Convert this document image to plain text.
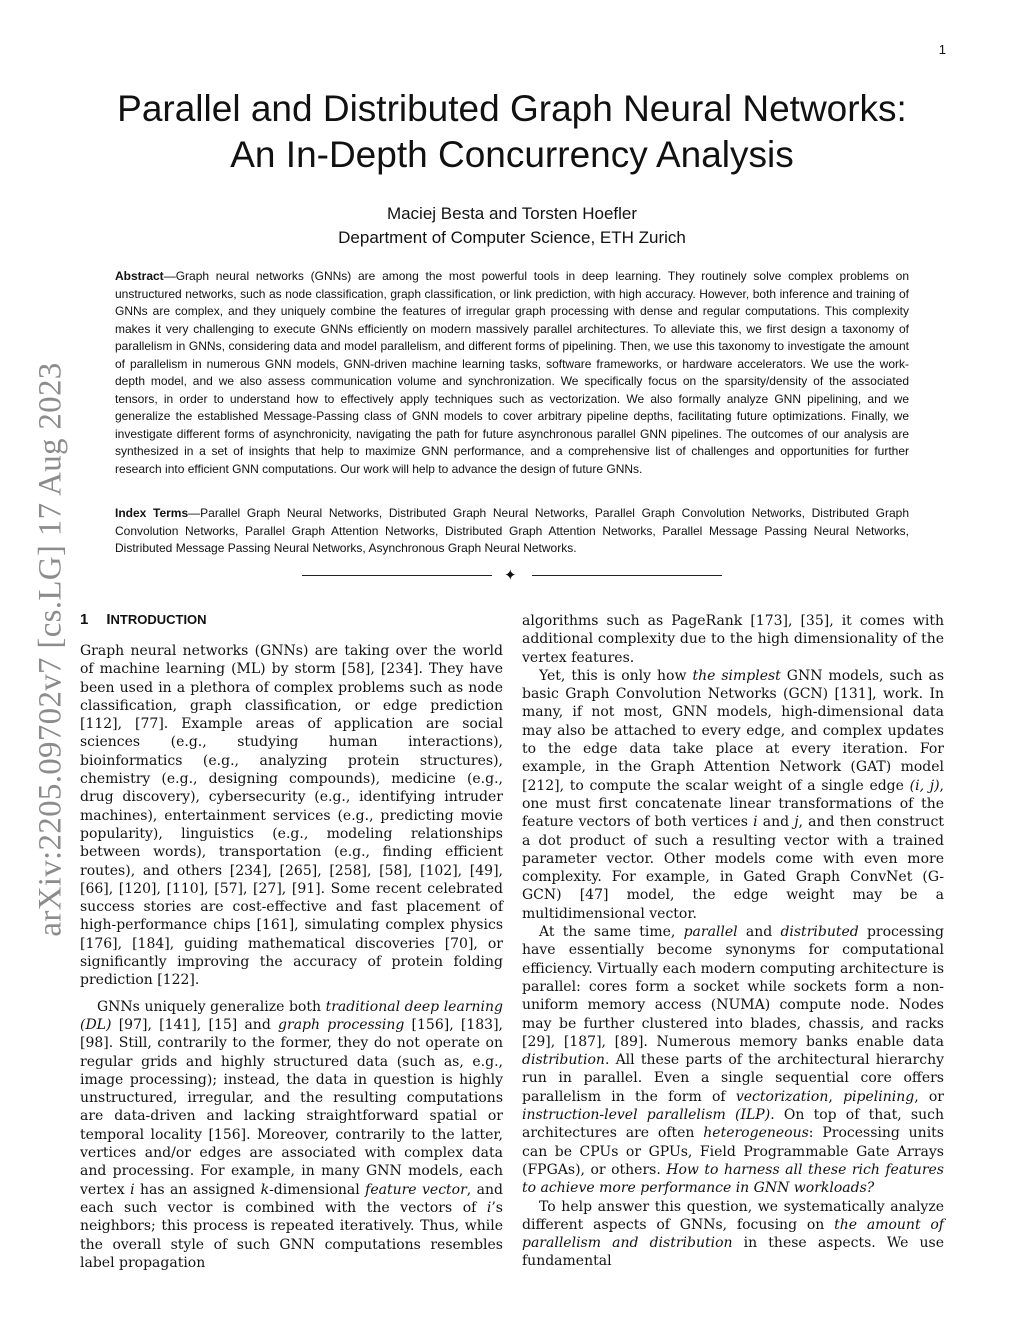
1
arXiv:2205.09702v7 [cs.LG] 17 Aug 2023
Parallel and Distributed Graph Neural Networks:
An In-Depth Concurrency Analysis
Maciej Besta and Torsten Hoefler
Department of Computer Science, ETH Zurich
Abstract—Graph neural networks (GNNs) are among the most powerful tools in deep learning. They routinely solve complex problems on unstructured networks, such as node classification, graph classification, or link prediction, with high accuracy. However, both inference and training of GNNs are complex, and they uniquely combine the features of irregular graph processing with dense and regular computations. This complexity makes it very challenging to execute GNNs efficiently on modern massively parallel architectures. To alleviate this, we first design a taxonomy of parallelism in GNNs, considering data and model parallelism, and different forms of pipelining. Then, we use this taxonomy to investigate the amount of parallelism in numerous GNN models, GNN-driven machine learning tasks, software frameworks, or hardware accelerators. We use the work-depth model, and we also assess communication volume and synchronization. We specifically focus on the sparsity/density of the associated tensors, in order to understand how to effectively apply techniques such as vectorization. We also formally analyze GNN pipelining, and we generalize the established Message-Passing class of GNN models to cover arbitrary pipeline depths, facilitating future optimizations. Finally, we investigate different forms of asynchronicity, navigating the path for future asynchronous parallel GNN pipelines. The outcomes of our analysis are synthesized in a set of insights that help to maximize GNN performance, and a comprehensive list of challenges and opportunities for further research into efficient GNN computations. Our work will help to advance the design of future GNNs.
Index Terms—Parallel Graph Neural Networks, Distributed Graph Neural Networks, Parallel Graph Convolution Networks, Distributed Graph Convolution Networks, Parallel Graph Attention Networks, Distributed Graph Attention Networks, Parallel Message Passing Neural Networks, Distributed Message Passing Neural Networks, Asynchronous Graph Neural Networks.
✦
1 INTRODUCTION

Graph neural networks (GNNs) are taking over the world of machine learning (ML) by storm [58], [234]. They have been used in a plethora of complex problems such as node classification, graph classification, or edge prediction [112], [77]. Example areas of application are social sciences (e.g., studying human interactions), bioinformatics (e.g., analyzing protein structures), chemistry (e.g., designing compounds), medicine (e.g., drug discovery), cybersecurity (e.g., identifying intruder machines), entertainment services (e.g., predicting movie popularity), linguistics (e.g., modeling relationships between words), transportation (e.g., finding efficient routes), and others [234], [265], [258], [58], [102], [49], [66], [120], [110], [57], [27], [91]. Some recent celebrated success stories are cost-effective and fast placement of high-performance chips [161], simulating complex physics [176], [184], guiding mathematical discoveries [70], or significantly improving the accuracy of protein folding prediction [122].

GNNs uniquely generalize both traditional deep learning (DL) [97], [141], [15] and graph processing [156], [183], [98]. Still, contrarily to the former, they do not operate on regular grids and highly structured data (such as, e.g., image processing); instead, the data in question is highly unstructured, irregular, and the resulting computations are data-driven and lacking straightforward spatial or temporal locality [156]. Moreover, contrarily to the latter, vertices and/or edges are associated with complex data and processing. For example, in many GNN models, each vertex i has an assigned k-dimensional feature vector, and each such vector is combined with the vectors of i’s neighbors; this process is repeated iteratively. Thus, while the overall style of such GNN computations resembles label propagation

algorithms such as PageRank [173], [35], it comes with additional complexity due to the high dimensionality of the vertex features.

Yet, this is only how the simplest GNN models, such as basic Graph Convolution Networks (GCN) [131], work. In many, if not most, GNN models, high-dimensional data may also be attached to every edge, and complex updates to the edge data take place at every iteration. For example, in the Graph Attention Network (GAT) model [212], to compute the scalar weight of a single edge (i, j), one must first concatenate linear transformations of the feature vectors of both vertices i and j, and then construct a dot product of such a resulting vector with a trained parameter vector. Other models come with even more complexity. For example, in Gated Graph ConvNet (G-GCN) [47] model, the edge weight may be a multidimensional vector.

At the same time, parallel and distributed processing have essentially become synonyms for computational efficiency. Virtually each modern computing architecture is parallel: cores form a socket while sockets form a non-uniform memory access (NUMA) compute node. Nodes may be further clustered into blades, chassis, and racks [29], [187], [89]. Numerous memory banks enable data distribution. All these parts of the architectural hierarchy run in parallel. Even a single sequential core offers parallelism in the form of vectorization, pipelining, or instruction-level parallelism (ILP). On top of that, such architectures are often heterogeneous: Processing units can be CPUs or GPUs, Field Programmable Gate Arrays (FPGAs), or others. How to harness all these rich features to achieve more performance in GNN workloads?

To help answer this question, we systematically analyze different aspects of GNNs, focusing on the amount of parallelism and distribution in these aspects. We use fundamental
